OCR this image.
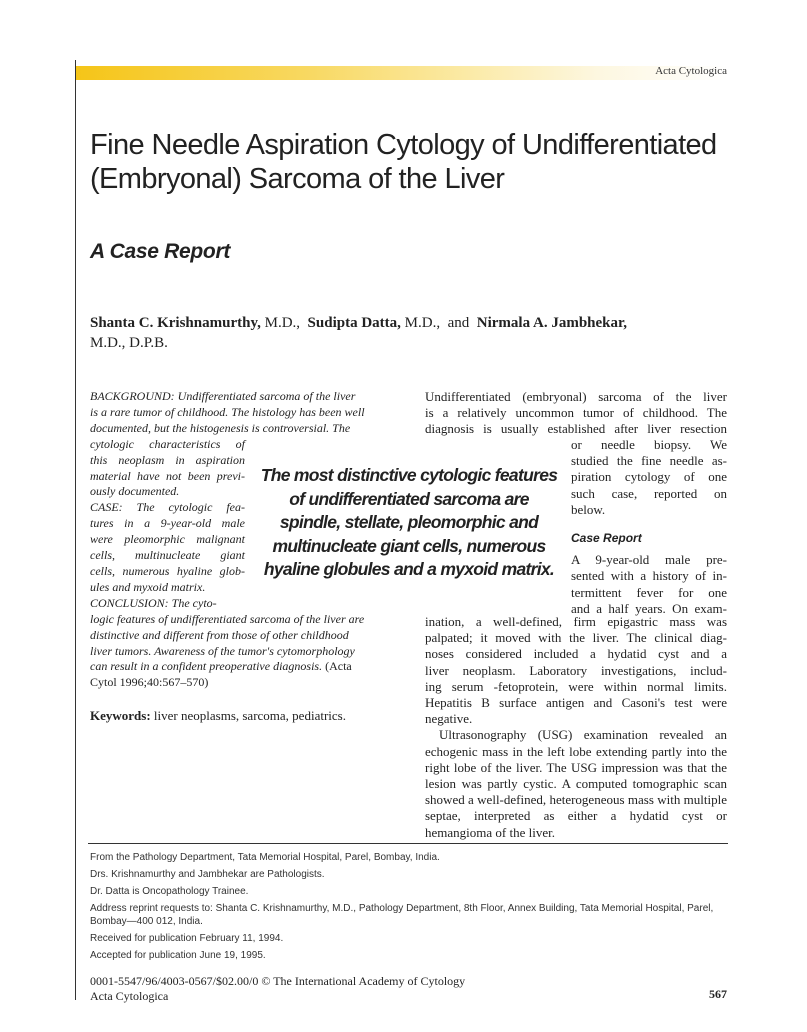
Acta Cytologica
Fine Needle Aspiration Cytology of Undifferentiated (Embryonal) Sarcoma of the Liver
A Case Report
Shanta C. Krishnamurthy, M.D., Sudipta Datta, M.D., and Nirmala A. Jambhekar,
M.D., D.P.B.
BACKGROUND: Undifferentiated sarcoma of the liver
is a rare tumor of childhood. The histology has been well
documented, but the histogenesis is controversial. The
cytologic characteristics of
this neoplasm in aspiration
material have not been previ-
ously documented.
CASE: The cytologic fea-
tures in a 9-year-old male
were pleomorphic malignant
cells, multinucleate giant
cells, numerous hyaline glob-
ules and myxoid matrix.
CONCLUSION: The cyto-
logic features of undifferentiated sarcoma of the liver are
distinctive and different from those of other childhood
liver tumors. Awareness of the tumor's cytomorphology
can result in a confident preoperative diagnosis. (Acta
Cytol 1996;40:567–570)
Keywords: liver neoplasms, sarcoma, pediatrics.
The most distinctive cytologic features
of undifferentiated sarcoma are
spindle, stellate, pleomorphic and
multinucleate giant cells, numerous
hyaline globules and a myxoid matrix.
Undifferentiated (embryonal) sarcoma of the liver
is a relatively uncommon tumor of childhood. The
diagnosis is usually established after liver resection
or needle biopsy. We
studied the fine needle as-
piration cytology of one
such case, reported on
below.
Case Report
A 9-year-old male pre-
sented with a history of in-
termittent fever for one
and a half years. On exam-
ination, a well-defined, firm epigastric mass was
palpated; it moved with the liver. The clinical diag-
noses considered included a hydatid cyst and a
liver neoplasm. Laboratory investigations, includ-
ing serum -fetoprotein, were within normal limits.
Hepatitis B surface antigen and Casoni's test were
negative.
Ultrasonography (USG) examination revealed an echogenic mass in the left lobe extending partly into the right lobe of the liver. The USG impression was that the lesion was partly cystic. A computed tomographic scan showed a well-defined, heterogeneous mass with multiple septae, interpreted as either a hydatid cyst or hemangioma of the liver.

From the Pathology Department, Tata Memorial Hospital, Parel, Bombay, India.

Drs. Krishnamurthy and Jambhekar are Pathologists.

Dr. Datta is Oncopathology Trainee.

Address reprint requests to: Shanta C. Krishnamurthy, M.D., Pathology Department, 8th Floor, Annex Building, Tata Memorial Hospital, Parel, Bombay—400 012, India.

Received for publication February 11, 1994.

Accepted for publication June 19, 1995.

0001-5547/96/4003-0567/$02.00/0 © The International Academy of Cytology
Acta Cytologica	567
